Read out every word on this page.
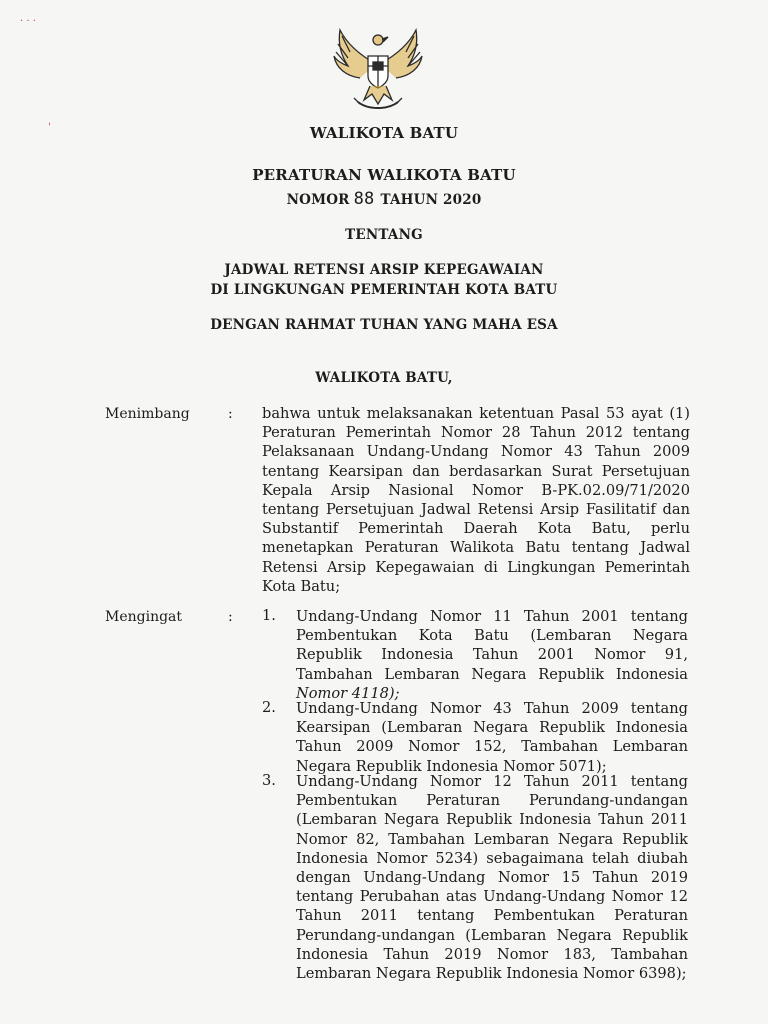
· · ·
'	WALIKOTA BATU
PERATURAN WALIKOTA BATU
NOMOR 88 TAHUN 2020
TENTANG
JADWAL RETENSI ARSIP KEPEGAWAIAN
DI LINGKUNGAN PEMERINTAH KOTA BATU
DENGAN RAHMAT TUHAN YANG MAHA ESA
WALIKOTA BATU,
Menimbang	: bahwa untuk melaksanakan ketentuan Pasal 53 ayat (1)
Peraturan Pemerintah Nomor 28 Tahun 2012 tentang
Pelaksanaan Undang-Undang Nomor 43 Tahun 2009
tentang Kearsipan dan berdasarkan Surat Persetujuan
Kepala Arsip Nasional Nomor B-PK.02.09/71/2020
tentang Persetujuan Jadwal Retensi Arsip Fasilitatif dan
Substantif Pemerintah Daerah Kota Batu, perlu
menetapkan Peraturan Walikota Batu tentang Jadwal
Retensi Arsip Kepegawaian di Lingkungan Pemerintah
Kota Batu;
Mengingat	: 1. Undang-Undang Nomor 11 Tahun 2001 tentang
Pembentukan Kota Batu (Lembaran Negara
Republik Indonesia Tahun 2001 Nomor 91,
Tambahan Lembaran Negara Republik Indonesia
Nomor 4118);
2. Undang-Undang Nomor 43 Tahun 2009 tentang
Kearsipan (Lembaran Negara Republik Indonesia
Tahun 2009 Nomor 152, Tambahan Lembaran
Negara Republik Indonesia Nomor 5071);
3. Undang-Undang Nomor 12 Tahun 2011 tentang
Pembentukan Peraturan Perundang-undangan
(Lembaran Negara Republik Indonesia Tahun 2011
Nomor 82, Tambahan Lembaran Negara Republik
Indonesia Nomor 5234) sebagaimana telah diubah
dengan Undang-Undang Nomor 15 Tahun 2019
tentang Perubahan atas Undang-Undang Nomor 12
Tahun 2011 tentang Pembentukan Peraturan
Perundang-undangan (Lembaran Negara Republik
Indonesia Tahun 2019 Nomor 183, Tambahan
Lembaran Negara Republik Indonesia Nomor 6398);
